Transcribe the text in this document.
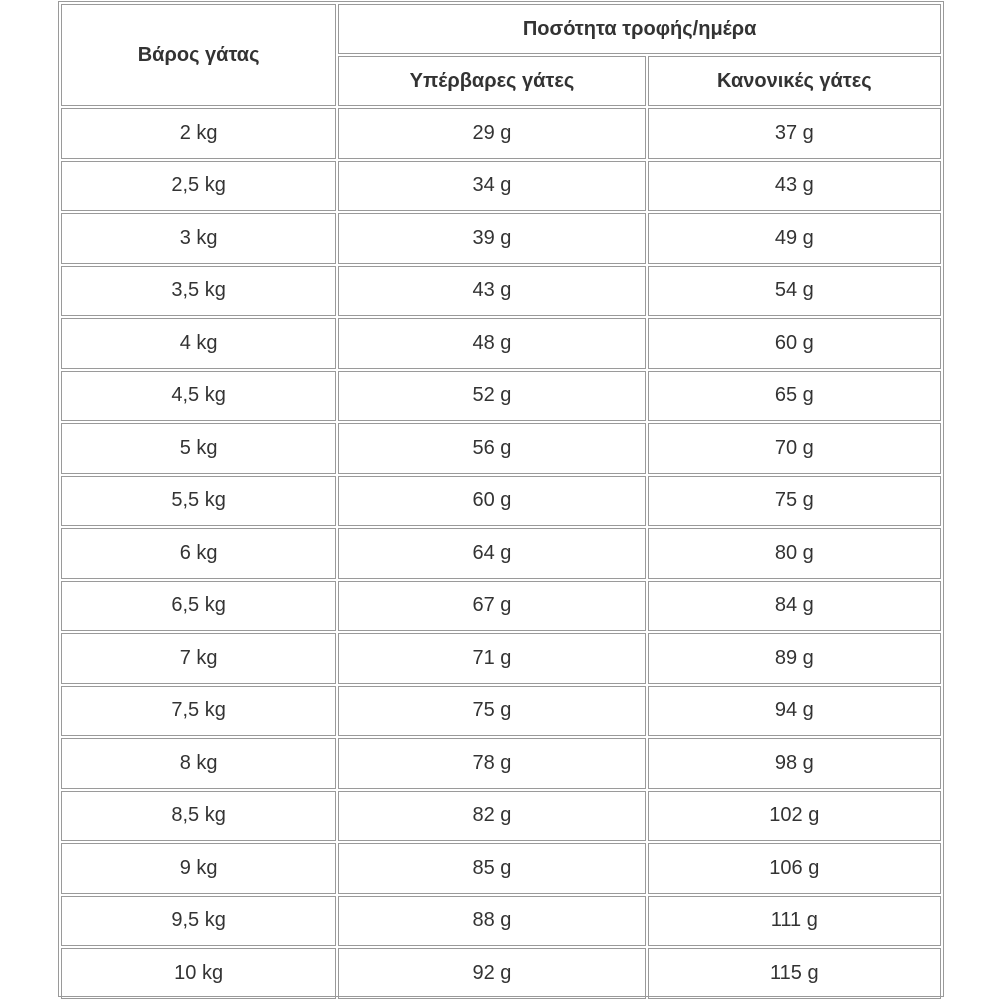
Βάρος γάτας	Ποσότητα τροφής/ημέρα	
	Υπέρβαρες γάτες	Κανονικές γάτες
2 kg	29 g	37 g
2,5 kg	34 g	43 g
3 kg	39 g	49 g
3,5 kg	43 g	54 g
4 kg	48 g	60 g
4,5 kg	52 g	65 g
5 kg	56 g	70 g
5,5 kg	60 g	75 g
6 kg	64 g	80 g
6,5 kg	67 g	84 g
7 kg	71 g	89 g
7,5 kg	75 g	94 g
8 kg	78 g	98 g
8,5 kg	82 g	102 g
9 kg	85 g	106 g
9,5 kg	88 g	111 g
10 kg	92 g	115 g
